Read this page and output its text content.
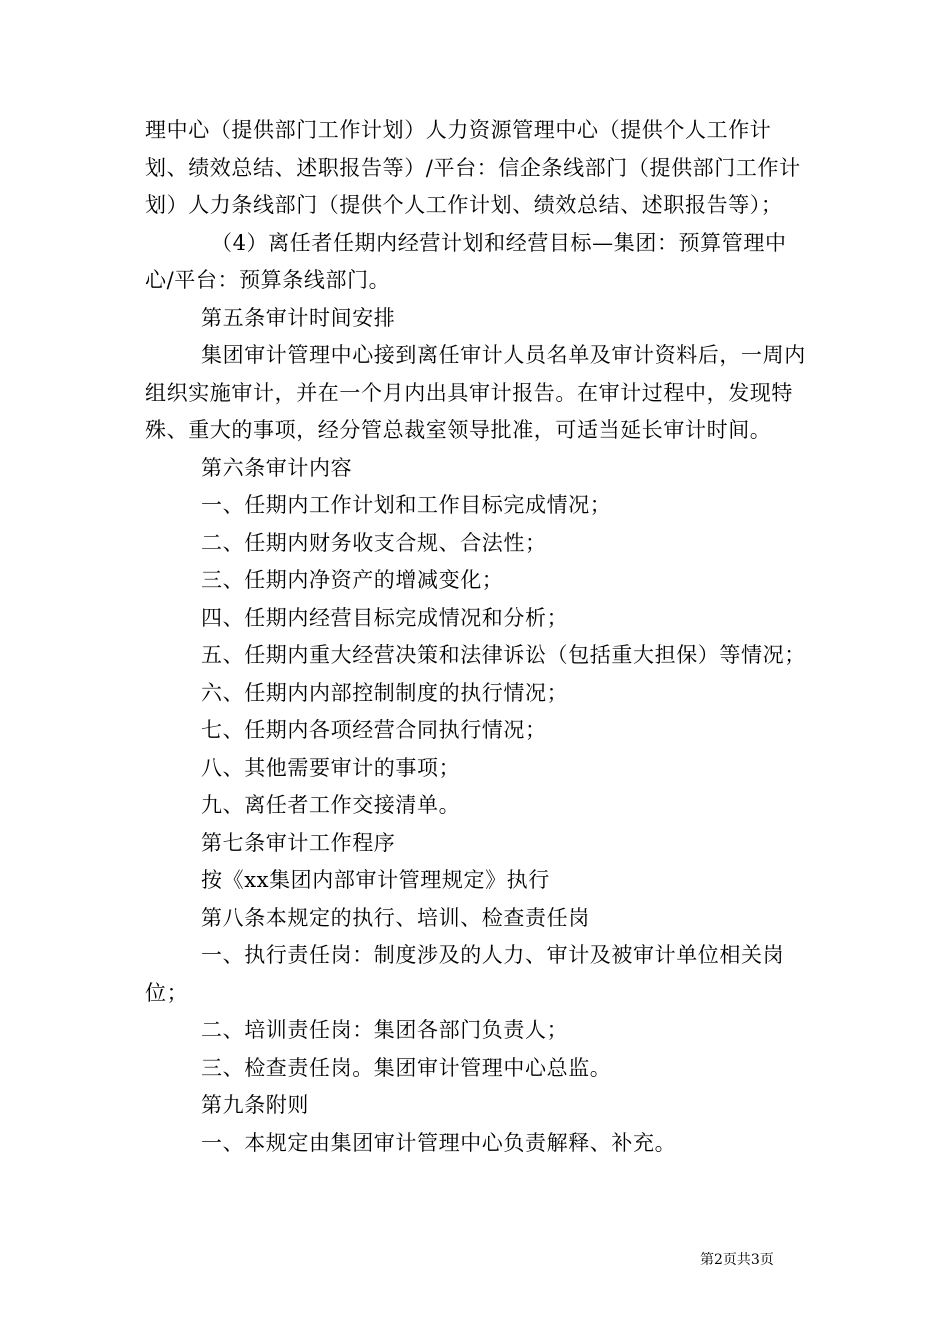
理中心（提供部门工作计划）人力资源管理中心（提供个人工作计划、绩效总结、述职报告等）/平台：信企条线部门（提供部门工作计划）人力条线部门（提供个人工作计划、绩效总结、述职报告等）；

（4）离任者任期内经营计划和经营目标—集团：预算管理中心/平台：预算条线部门。

第五条审计时间安排

集团审计管理中心接到离任审计人员名单及审计资料后，一周内组织实施审计，并在一个月内出具审计报告。在审计过程中，发现特殊、重大的事项，经分管总裁室领导批准，可适当延长审计时间。

第六条审计内容

一、任期内工作计划和工作目标完成情况；

二、任期内财务收支合规、合法性；

三、任期内净资产的增减变化；

四、任期内经营目标完成情况和分析；

五、任期内重大经营决策和法律诉讼（包括重大担保）等情况；

六、任期内内部控制制度的执行情况；

七、任期内各项经营合同执行情况；

八、其他需要审计的事项；

九、离任者工作交接清单。

第七条审计工作程序

按《xx集团内部审计管理规定》执行

第八条本规定的执行、培训、检查责任岗

一、执行责任岗：制度涉及的人力、审计及被审计单位相关岗位；

二、培训责任岗：集团各部门负责人；

三、检查责任岗。集团审计管理中心总监。

第九条附则

一、本规定由集团审计管理中心负责解释、补充。

第2页共3页
